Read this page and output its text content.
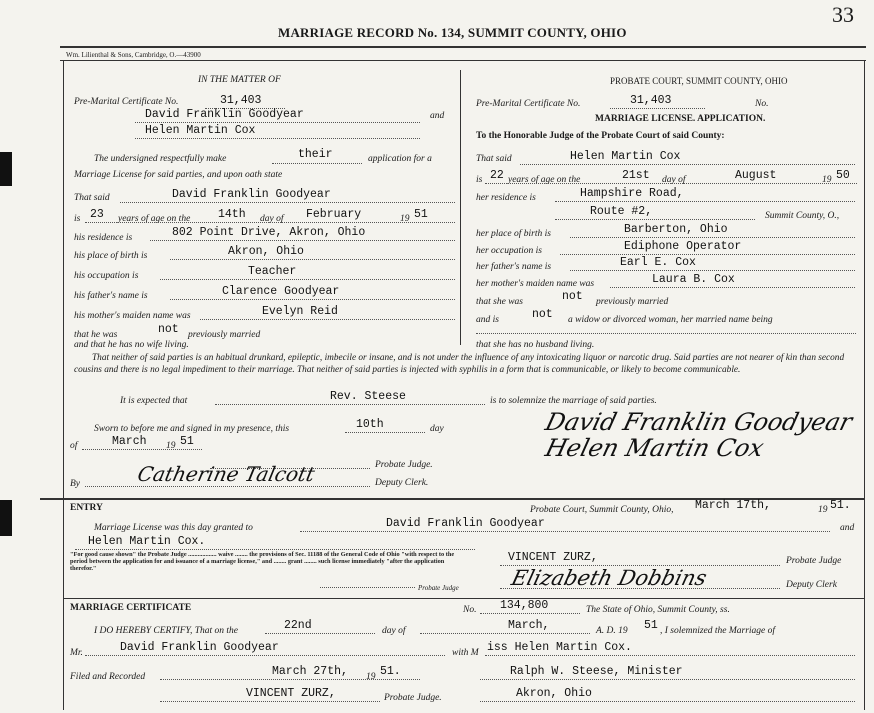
MARRIAGE RECORD No. 134, SUMMIT COUNTY, OHIO
33
Wm. Lilienthal & Sons, Cambridge, O.—43900
IN THE MATTER OF
Pre-Marital Certificate No.	31,403
David Franklin Goodyear	and
Helen Martin Cox
The undersigned respectfully make	their	application for a
Marriage License for said parties, and upon oath state
That said	David Franklin Goodyear
is 23 years of age on the 14th day of February	19 51
his residence is	802 Point Drive, Akron, Ohio
his place of birth is	Akron, Ohio
his occupation is	Teacher
his father's name is	Clarence Goodyear
his mother's maiden name was	Evelyn Reid
that he was	not previously married
and that he has no wife living.
PROBATE COURT, SUMMIT COUNTY, OHIO
Pre-Marital Certificate No.	31,403	No.
MARRIAGE LICENSE. APPLICATION.
To the Honorable Judge of the Probate Court of said County:
That said	Helen Martin Cox
is 22 years of age on the	21st day of	August	19 50
her residence is	Hampshire Road,
Route #2,	Summit County, O.,
her place of birth is	Barberton, Ohio
her occupation is	Ediphone Operator
her father's name is	Earl E. Cox
her mother's maiden name was	Laura B. Cox
that she was	not previously married
and is	not a widow or divorced woman, her married name being
that she has no husband living.
That neither of said parties is an habitual drunkard, epileptic, imbecile or insane, and is not under the influence of any intoxicating liquor or narcotic drug. Said parties are not nearer of kin than second cousins and there is no legal impediment to their marriage. That neither of said parties is injected with syphilis in a form that is communicable, or likely to become communicable.
It is expected that	Rev. Steese	is to solemnize the marriage of said parties.
Sworn to before me and signed in my presence, this	10th	day
of	March 19 51
Probate Judge.
By	Catherine Talcott	Deputy Clerk.
David Franklin Goodyear
Helen Martin Cox
ENTRY	Probate Court, Summit County, Ohio, March 17th,	19 51.
Marriage License was this day granted to	David Franklin Goodyear	and
Helen Martin Cox.
"For good cause shown" the Probate Judge .................. waive ........ the provisions of Sec. 11188 of the General Code of Ohio "with respect to the period between the application for and issuance of a marriage license," and ........ grant ........ such license immediately "after the application therefor."
Probate Judge
VINCENT ZURZ,	Probate Judge
Elizabeth Dobbins	Deputy Clerk
MARRIAGE CERTIFICATE	No. 134,800	The State of Ohio, Summit County, ss.
I DO HEREBY CERTIFY, That on the	22nd	day of	March,	A. D. 19 51 , I solemnized the Marriage of
Mr.	David Franklin Goodyear	with M iss Helen Martin Cox.
Filed and Recorded	March 27th, 19 51.	Ralph W. Steese, Minister
VINCENT ZURZ,	Probate Judge.	Akron, Ohio
